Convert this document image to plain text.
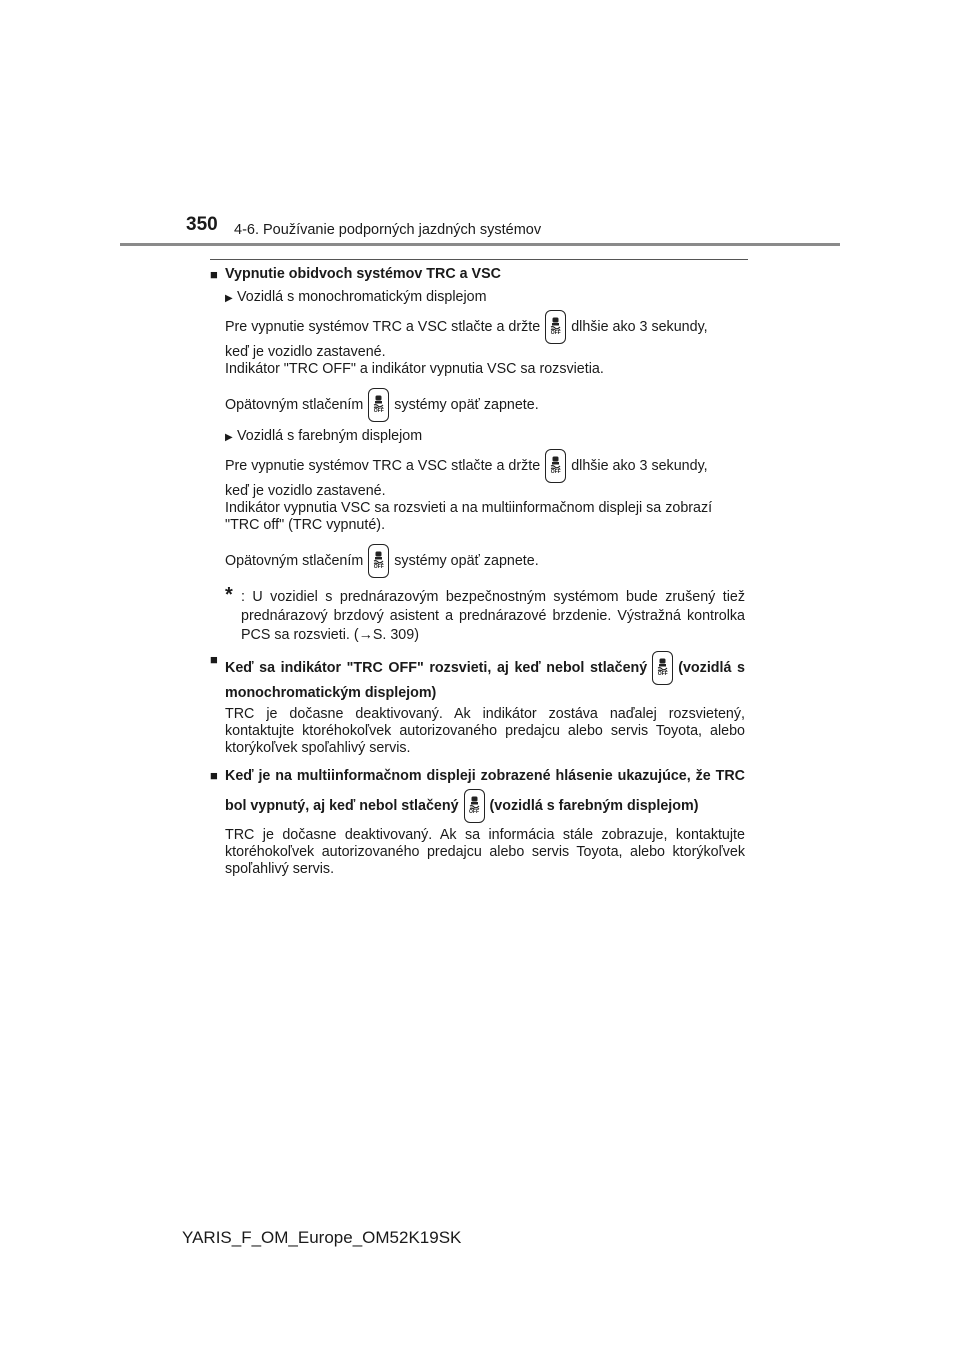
350 4-6. Používanie podporných jazdných systémov
■ Vypnutie obidvoch systémov TRC a VSC
▶ Vozidlá s monochromatickým displejom

Pre vypnutie systémov TRC a VSC stlačte a držte	OFF dlhšie ako 3 sekundy,
keď je vozidlo zastavené.

Indikátor "TRC OFF" a indikátor vypnutia VSC sa rozsvietia.

Opätovným stlačením	OFF systémy opäť zapnete.

▶ Vozidlá s farebným displejom

Pre vypnutie systémov TRC a VSC stlačte a držte	OFF dlhšie ako 3 sekundy,
keď je vozidlo zastavené.

Indikátor vypnutia VSC sa rozsvieti a na multiinformačnom displeji sa zobrazí "TRC off" (TRC vypnuté).

Opätovným stlačením	OFF systémy opäť zapnete.

* : U vozidiel s prednárazovým bezpečnostným systémom bude zrušený tiež prednárazový brzdový asistent a prednárazové brzdenie. Výstražná kontrolka PCS sa rozsvieti. (→S. 309)
■
Keď sa indikátor "TRC OFF" rozsvieti, aj keď nebol stlačený	OFF (vozidlá s monochromatickým displejom)

TRC je dočasne deaktivovaný. Ak indikátor zostáva naďalej rozsvietený, kontaktujte ktoréhokoľvek autorizovaného predajcu alebo servis Toyota, alebo ktorýkoľvek spoľahlivý servis.

■ Keď je na multiinformačnom displeji zobrazené hlásenie ukazujúce, že TRC bol vypnutý, aj keď nebol stlačený	OFF (vozidlá s farebným displejom)

TRC je dočasne deaktivovaný. Ak sa informácia stále zobrazuje, kontaktujte ktoréhokoľvek autorizovaného predajcu alebo servis Toyota, alebo ktorýkoľvek spoľahlivý servis.

YARIS_F_OM_Europe_OM52K19SK
